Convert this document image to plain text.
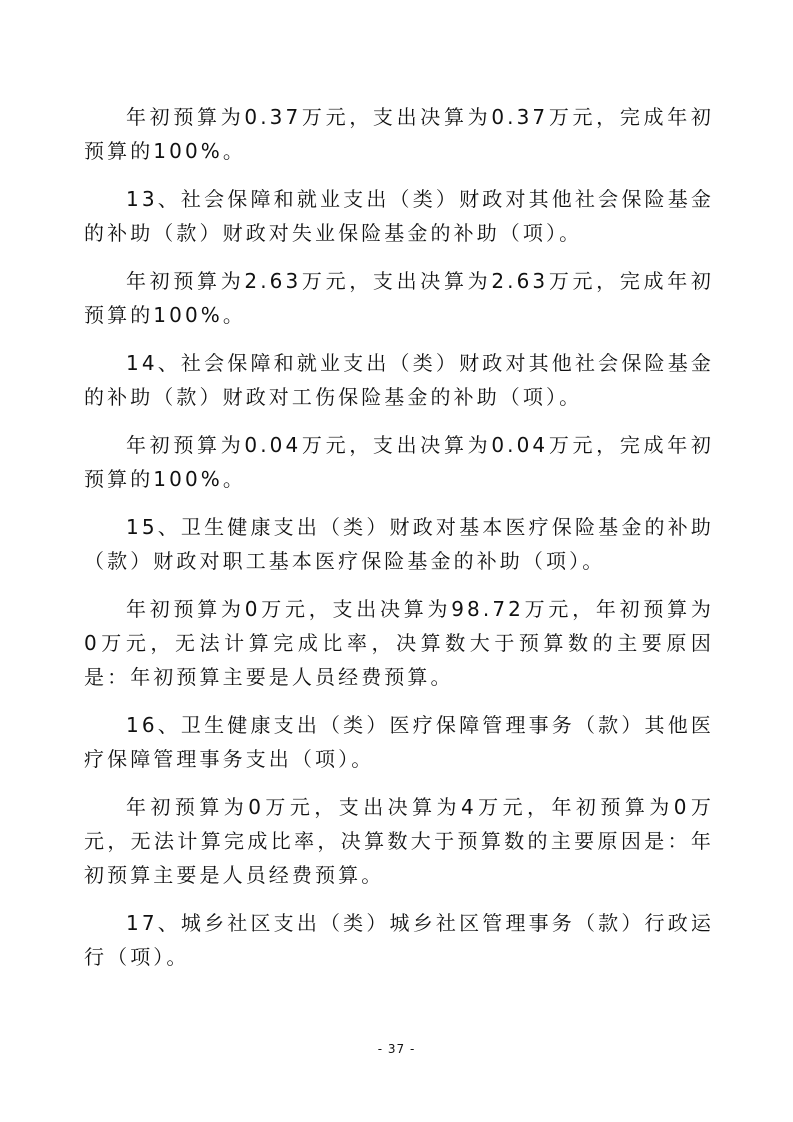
年初预算为0.37万元，支出决算为0.37万元，完成年初预算的100%。

13、社会保障和就业支出（类）财政对其他社会保险基金的补助（款）财政对失业保险基金的补助（项）。

年初预算为2.63万元，支出决算为2.63万元，完成年初预算的100%。

14、社会保障和就业支出（类）财政对其他社会保险基金的补助（款）财政对工伤保险基金的补助（项）。

年初预算为0.04万元，支出决算为0.04万元，完成年初预算的100%。

15、卫生健康支出（类）财政对基本医疗保险基金的补助（款）财政对职工基本医疗保险基金的补助（项）。

年初预算为0万元，支出决算为98.72万元，年初预算为0万元，无法计算完成比率，决算数大于预算数的主要原因是：年初预算主要是人员经费预算。

16、卫生健康支出（类）医疗保障管理事务（款）其他医疗保障管理事务支出（项）。

年初预算为0万元，支出决算为4万元，年初预算为0万元，无法计算完成比率，决算数大于预算数的主要原因是：年初预算主要是人员经费预算。

17、城乡社区支出（类）城乡社区管理事务（款）行政运行（项）。

- 37 -
